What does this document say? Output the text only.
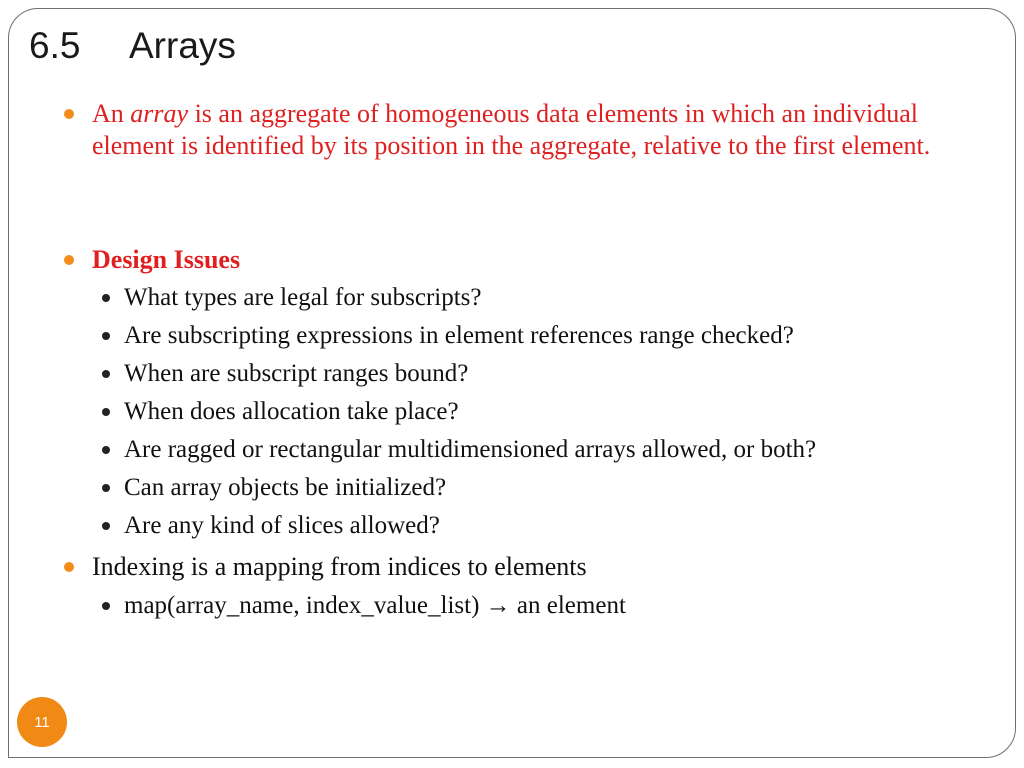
6.5 Arrays
An array is an aggregate of homogeneous data elements in which an individual element is identified by its position in the aggregate, relative to the first element.
Design Issues
What types are legal for subscripts?
Are subscripting expressions in element references range checked?
When are subscript ranges bound?
When does allocation take place?
Are ragged or rectangular multidimensioned arrays allowed, or both?
Can array objects be initialized?
Are any kind of slices allowed?
Indexing is a mapping from indices to elements
map(array_name, index_value_list) → an element
11
